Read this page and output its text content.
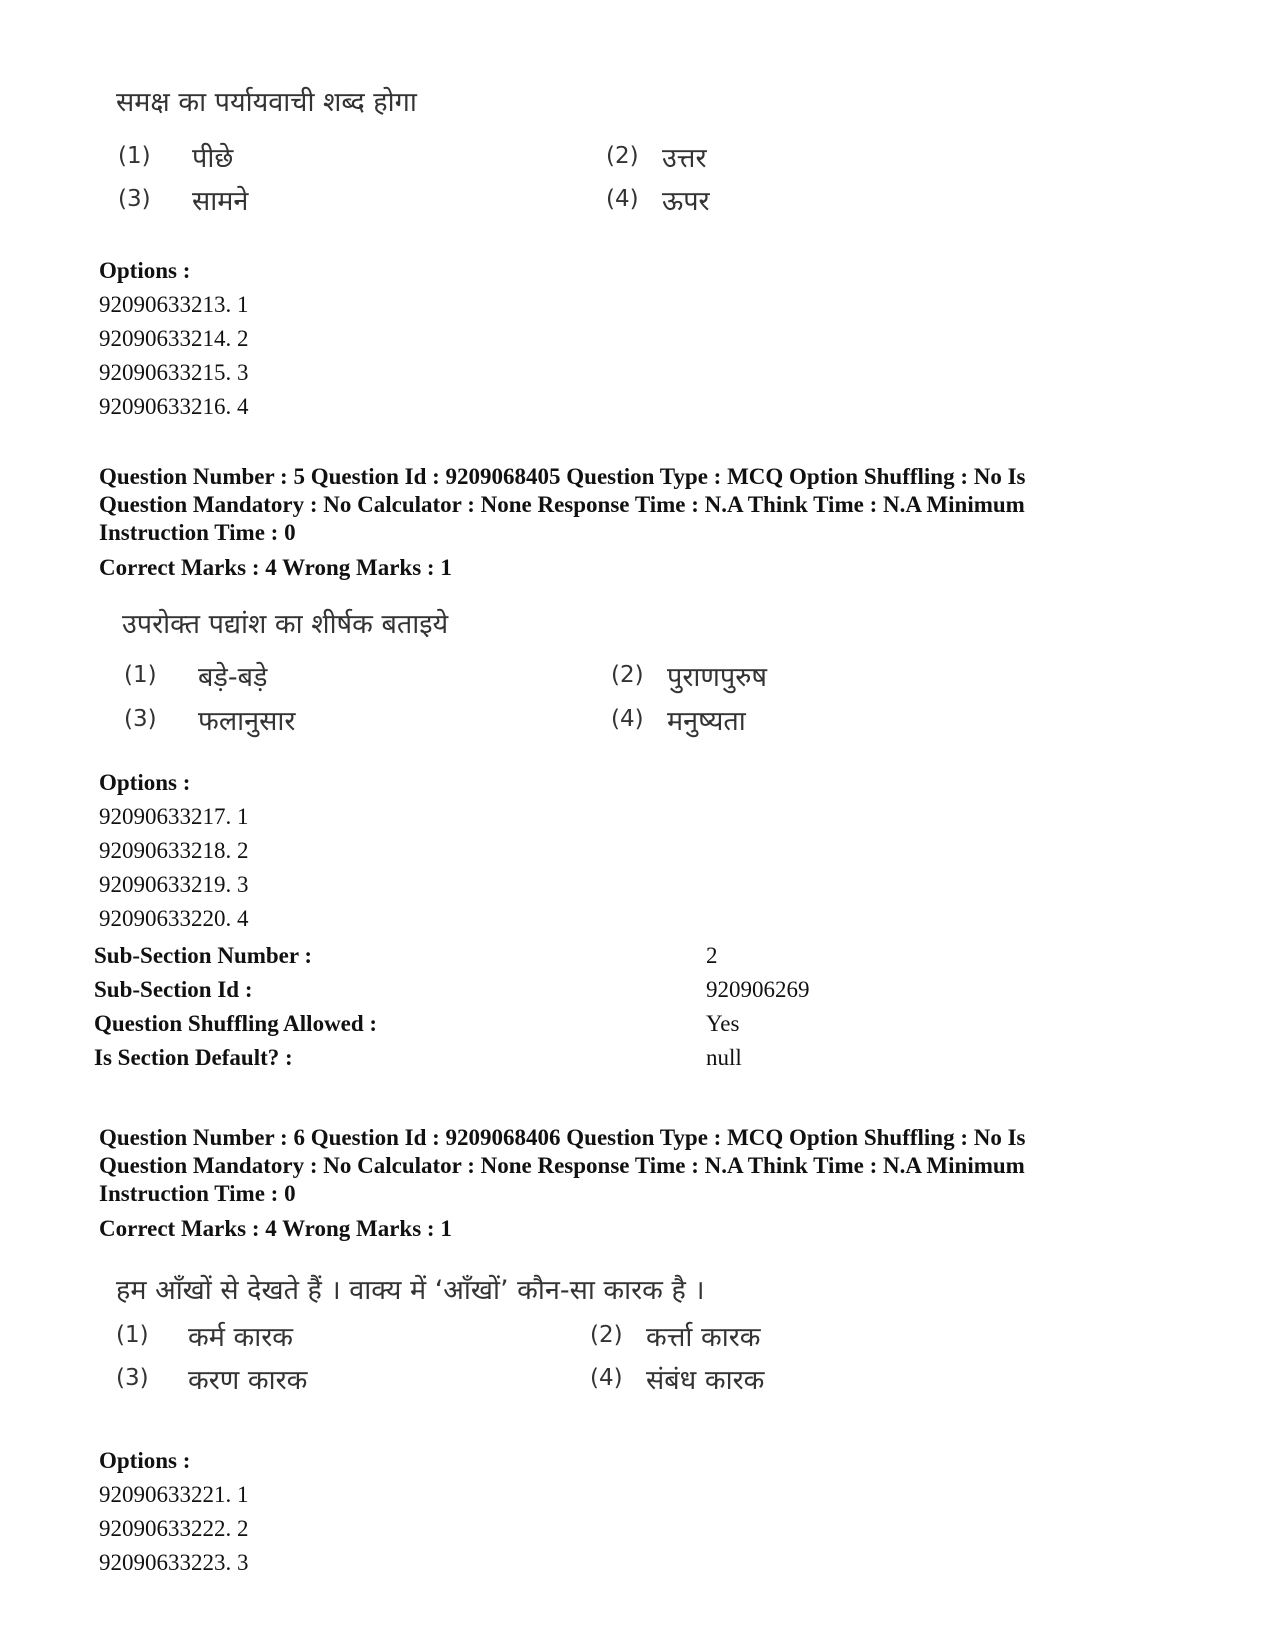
समक्ष का पर्यायवाची शब्द होगा
(1) पीछे	(2) उत्तर
(3) सामने	(4) ऊपर
Options :
92090633213. 1
92090633214. 2
92090633215. 3
92090633216. 4
Question Number : 5 Question Id : 9209068405 Question Type : MCQ Option Shuffling : No Is
Question Mandatory : No Calculator : None Response Time : N.A Think Time : N.A Minimum
Instruction Time : 0
Correct Marks : 4 Wrong Marks : 1
उपरोक्त पद्यांश का शीर्षक बताइये
(1) बड़े-बड़े	(2) पुराणपुरुष
(3) फलानुसार	(4) मनुष्यता
Options :
92090633217. 1
92090633218. 2
92090633219. 3
92090633220. 4
Sub-Section Number :	2
Sub-Section Id :	920906269
Question Shuffling Allowed :	Yes
Is Section Default? :	null
Question Number : 6 Question Id : 9209068406 Question Type : MCQ Option Shuffling : No Is
Question Mandatory : No Calculator : None Response Time : N.A Think Time : N.A Minimum
Instruction Time : 0
Correct Marks : 4 Wrong Marks : 1
हम आँखों से देखते हैं । वाक्य में ‘आँखों’ कौन-सा कारक है ।
(1) कर्म कारक	(2) कर्त्ता कारक
(3) करण कारक	(4) संबंध कारक
Options :
92090633221. 1
92090633222. 2
92090633223. 3
